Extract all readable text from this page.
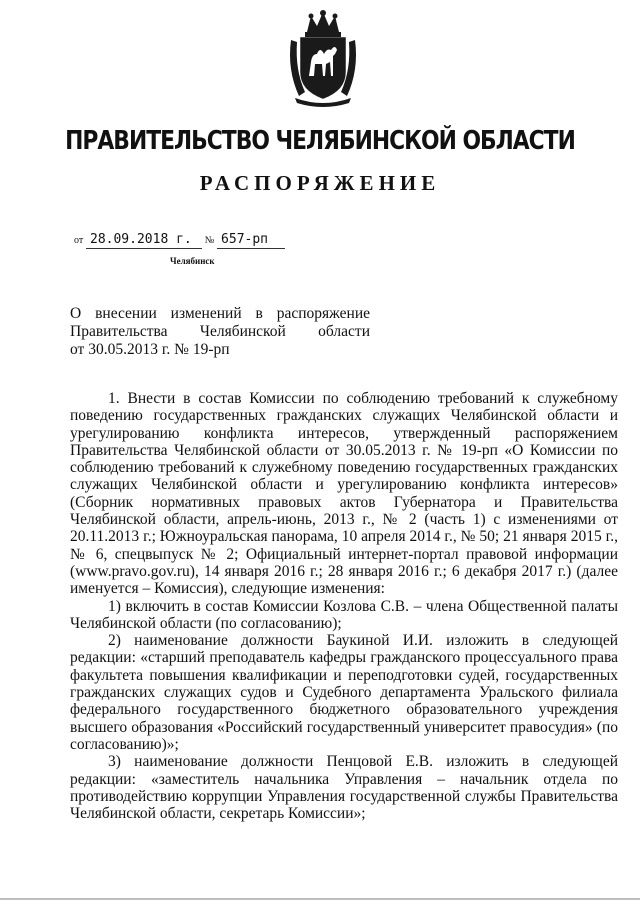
ПРАВИТЕЛЬСТВО ЧЕЛЯБИНСКОЙ ОБЛАСТИ
РАСПОРЯЖЕНИЕ
от 28.09.2018 г. № 657-рп
Челябинск
О внесении изменений в распоряжение
Правительства Челябинской области
от 30.05.2013 г. № 19-рп

1. Внести в состав Комиссии по соблюдению требований к служебному поведению государственных гражданских служащих Челябинской области и урегулированию конфликта интересов, утвержденный распоряжением Правительства Челябинской области от 30.05.2013 г. № 19-рп «О Комиссии по соблюдению требований к служебному поведению государственных гражданских служащих Челябинской области и урегулированию конфликта интересов» (Сборник нормативных правовых актов Губернатора и Правительства Челябинской области, апрель-июнь, 2013 г., № 2 (часть 1) с изменениями от 20.11.2013 г.; Южноуральская панорама, 10 апреля 2014 г., № 50; 21 января 2015 г., № 6, спецвыпуск № 2; Официальный интернет-портал правовой информации (www.pravo.gov.ru), 14 января 2016 г.; 28 января 2016 г.; 6 декабря 2017 г.) (далее именуется – Комиссия), следующие изменения:

1) включить в состав Комиссии Козлова С.В. – члена Общественной палаты Челябинской области (по согласованию);

2) наименование должности Баукиной И.И. изложить в следующей редакции: «старший преподаватель кафедры гражданского процессуального права факультета повышения квалификации и переподготовки судей, государственных гражданских служащих судов и Судебного департамента Уральского филиала федерального государственного бюджетного образовательного учреждения высшего образования «Российский государственный университет правосудия» (по согласованию)»;

3) наименование должности Пенцовой Е.В. изложить в следующей редакции: «заместитель начальника Управления – начальник отдела по противодействию коррупции Управления государственной службы Правительства Челябинской области, секретарь Комиссии»;
